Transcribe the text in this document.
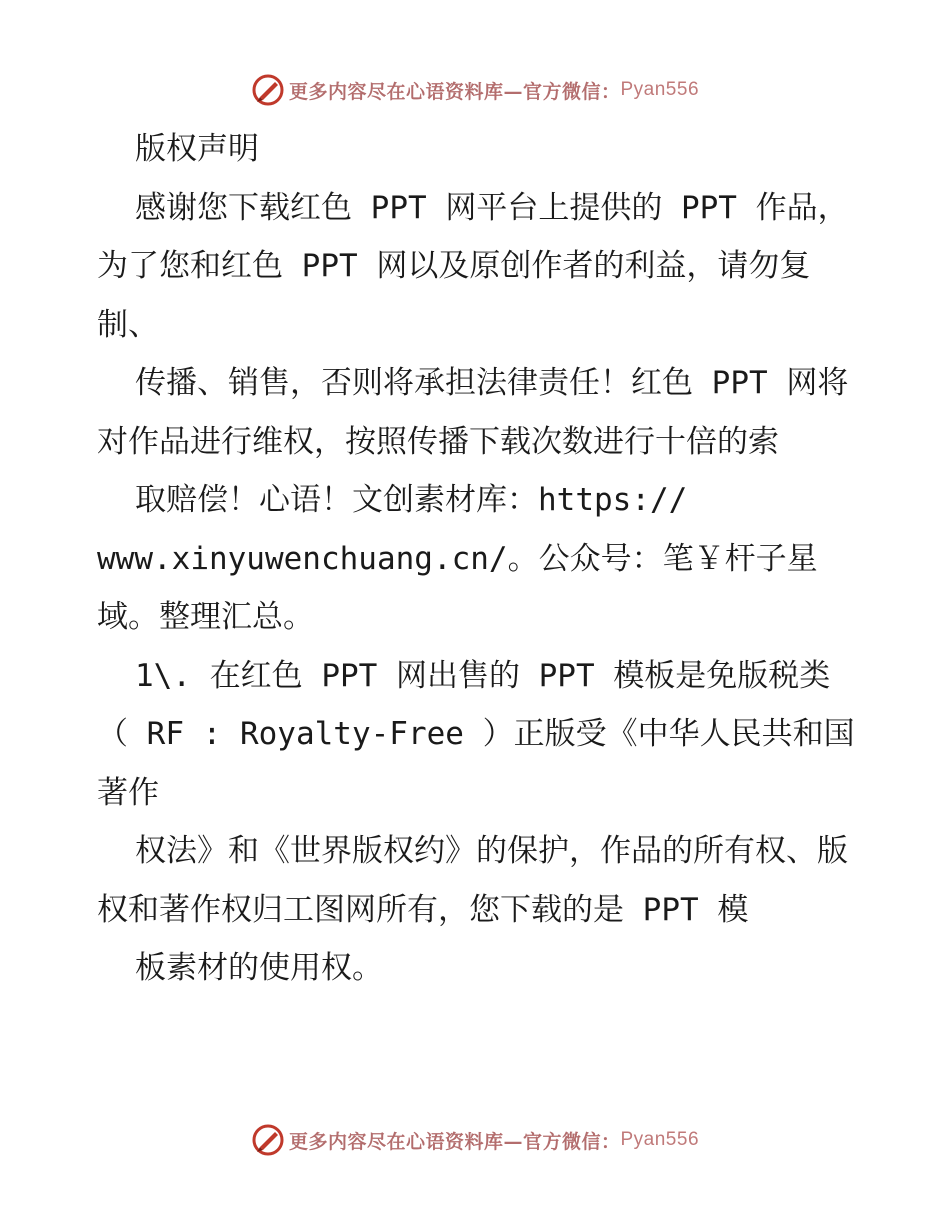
更多内容尽在心语资料库—官方微信： Pyan556

版权声明

感谢您下载红色 PPT 网平台上提供的 PPT 作品，为了您和红色 PPT 网以及原创作者的利益，请勿复制、

传播、销售，否则将承担法律责任！红色 PPT 网将对作品进行维权，按照传播下载次数进行十倍的索

取赔偿！心语！文创素材库：https://

www.xinyuwenchuang.cn/。公众号：笔￥杆子星域。整理汇总。

1\. 在红色 PPT 网出售的 PPT 模板是免版税类（ RF : Royalty-Free ）正版受《中华人民共和国著作

权法》和《世界版权约》的保护，作品的所有权、版权和著作权归工图网所有，您下载的是 PPT 模

板素材的使用权。

更多内容尽在心语资料库—官方微信： Pyan556
